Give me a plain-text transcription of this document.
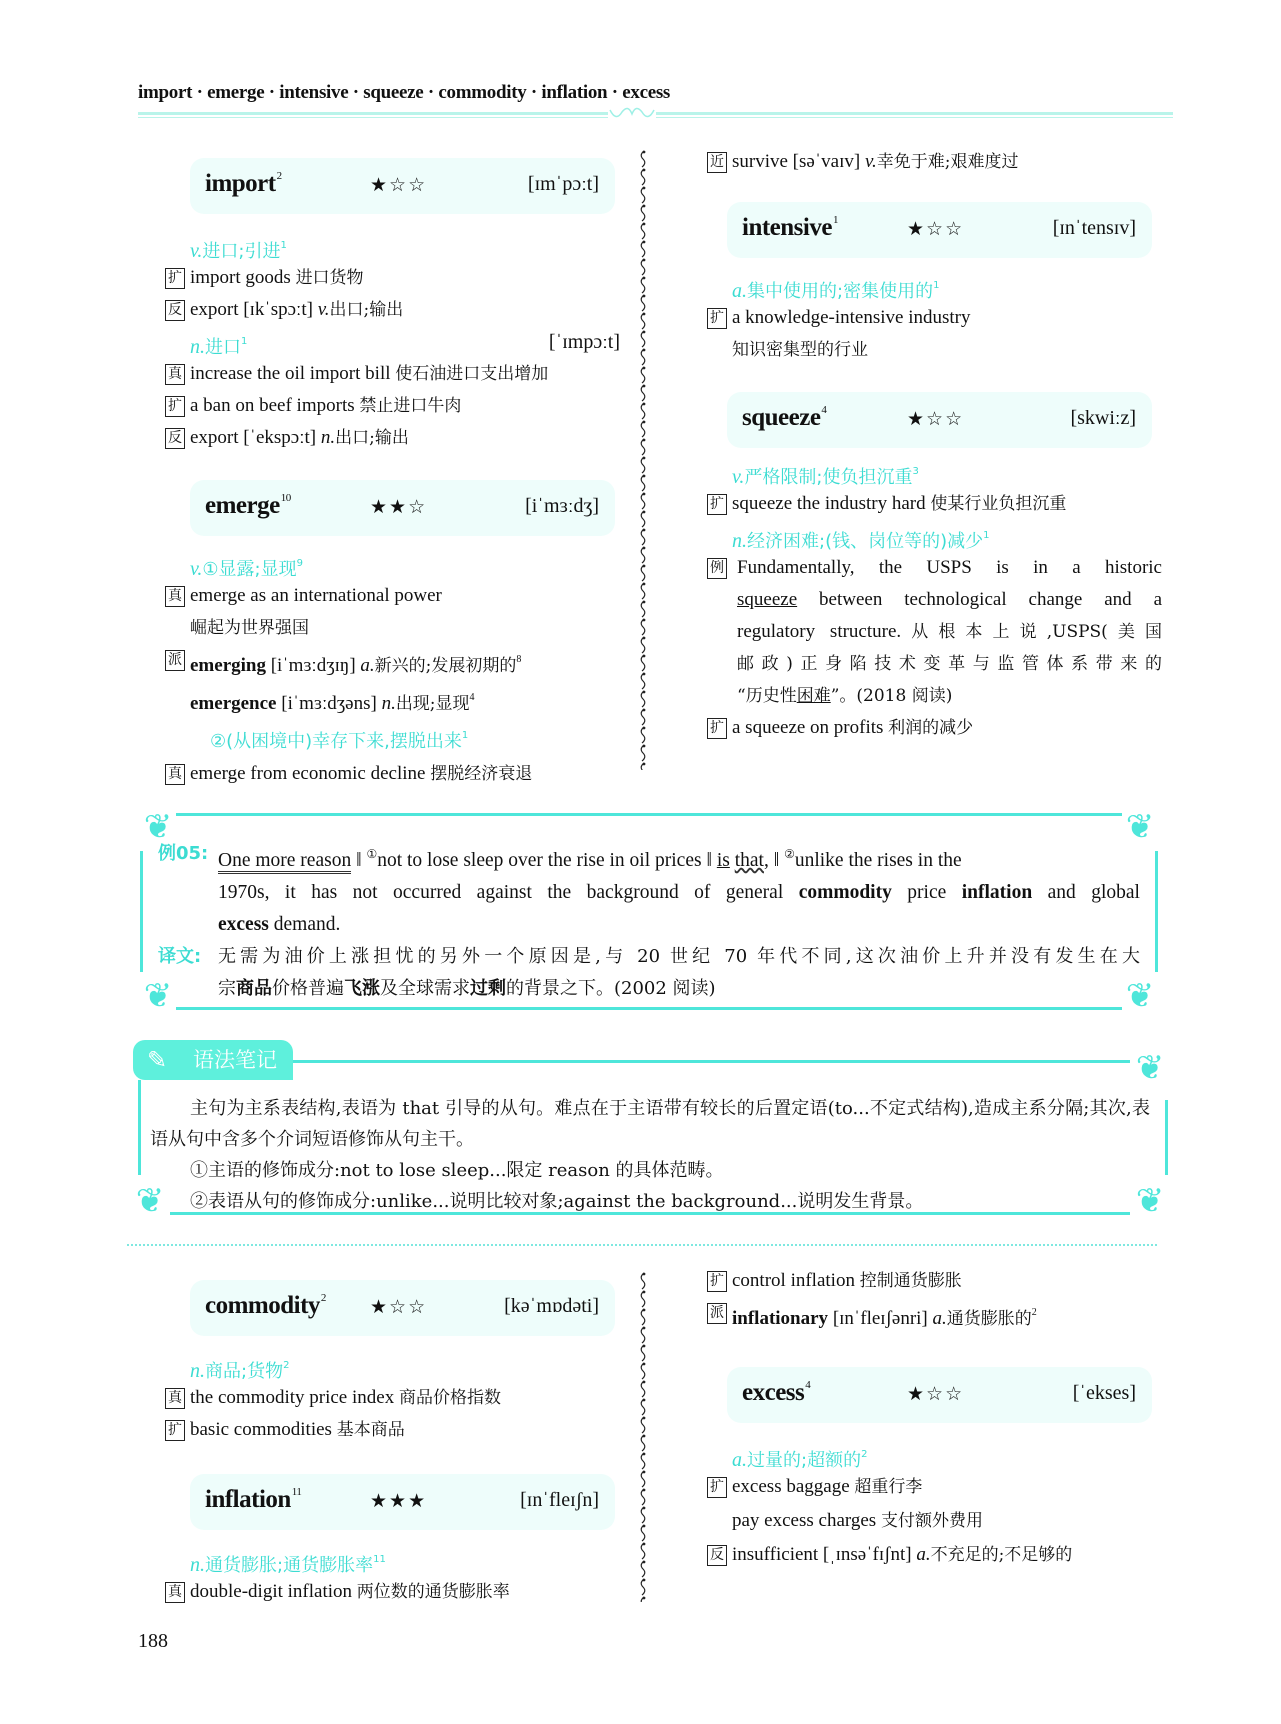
import · emerge · intensive · squeeze · commodity · inflation · excess
import$^2$	★☆☆	[ɪmˈpɔːt]
v.进口;引进$^1$
扩 import goods 进口货物
反 export [ɪkˈspɔːt] v.出口;输出
n.进口$^1$	[ˈɪmpɔːt]
真 increase the oil import bill 使石油进口支出增加
扩 a ban on beef imports 禁止进口牛肉
反 export [ˈekspɔːt] n.出口;输出
emerge$^{10}$	★★☆	[iˈmɜːdʒ]
v.①显露;显现$^9$
真 emerge as an international power
崛起为世界强国
派 emerging [iˈmɜːdʒɪŋ] a.新兴的;发展初期的$^8$
emergence [iˈmɜːdʒəns] n.出现;显现$^4$
②(从困境中)幸存下来,摆脱出来$^1$
真 emerge from economic decline 摆脱经济衰退
近 survive [səˈvaɪv] v.幸免于难;艰难度过
intensive$^1$	★☆☆	[ɪnˈtensɪv]
a.集中使用的;密集使用的$^1$
扩 a knowledge-intensive industry
知识密集型的行业
squeeze$^4$	★☆☆	[skwiːz]
v.严格限制;使负担沉重$^3$
扩 squeeze the industry hard 使某行业负担沉重
n.经济困难;(钱、岗位等的)减少$^1$
例 Fundamentally, the USPS is in a historic
squeeze between technological change and a
regulatory structure.从根本上说,USPS(美国
邮政)正身陷技术变革与监管体系带来的
“历史性困难”。(2018 阅读)
扩 a squeeze on profits 利润的减少
❦	❦
❦	❦
例05: One more reason ‖ ①not to lose sleep over the rise in oil prices ‖ is that, ‖ ②unlike the rises in the
1970s, it has not occurred against the background of general commodity price inflation and global
excess demand.
译文: 无需为油价上涨担忧的另外一个原因是,与 20 世纪 70 年代不同,这次油价上升并没有发生在大
宗商品价格普遍飞涨及全球需求过剩的背景之下。(2002 阅读)
✎ 语法笔记	❦
❦	❦

主句为主系表结构,表语为 that 引导的从句。难点在于主语带有较长的后置定语(to...不定式结构),造成主系分隔;其次,表语从句中含多个介词短语修饰从句主干。

①主语的修饰成分:not to lose sleep...限定 reason 的具体范畴。

②表语从句的修饰成分:unlike...说明比较对象;against the background...说明发生背景。

commodity$^2$ ★☆☆	[kəˈmɒdəti]
n.商品;货物$^2$
真 the commodity price index 商品价格指数
扩 basic commodities 基本商品
inflation$^{11}$	★★★	[ɪnˈfleɪʃn]
n.通货膨胀;通货膨胀率$^{11}$
真 double-digit inflation 两位数的通货膨胀率
扩 control inflation 控制通货膨胀
派 inflationary [ɪnˈfleɪʃənri] a.通货膨胀的$^2$
excess$^4$	★☆☆	[ˈekses]
a.过量的;超额的$^2$
扩 excess baggage 超重行李
pay excess charges 支付额外费用
反 insufficient [ˌɪnsəˈfɪʃnt] a.不充足的;不足够的
188
